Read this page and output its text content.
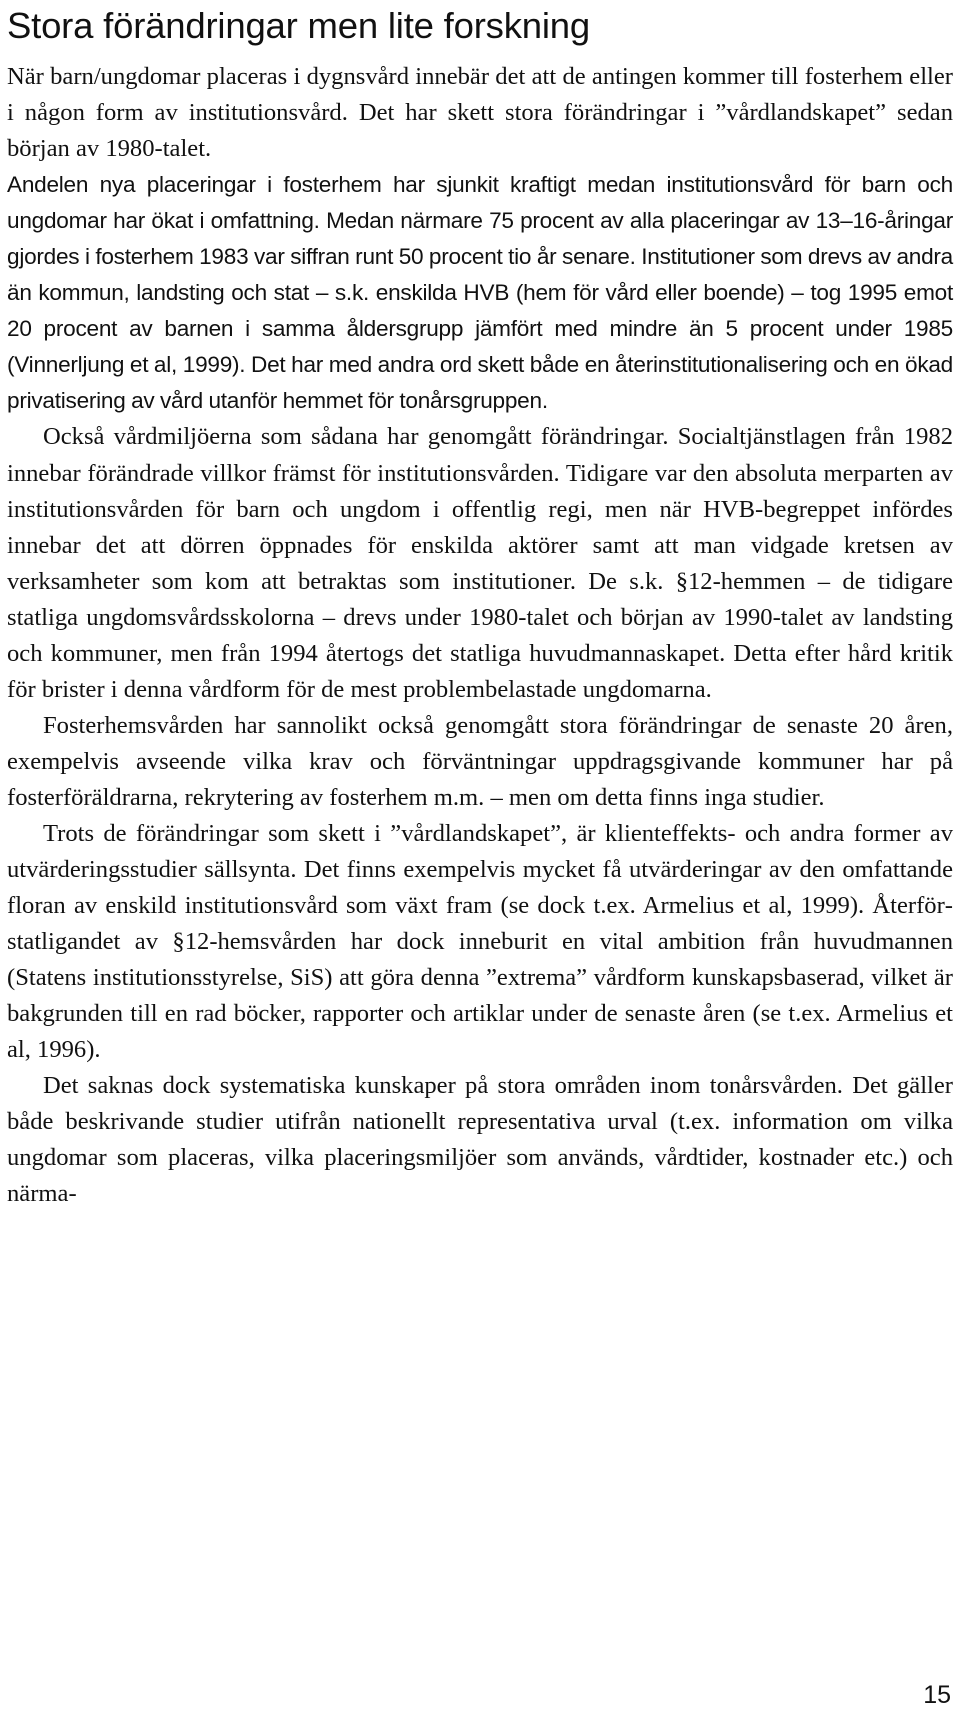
Stora förändringar men lite forskning

När barn/ungdomar placeras i dygnsvård innebär det att de antingen kommer till fosterhem eller i någon form av institutionsvård. Det har skett stora förändringar i ”vårdlandskapet” sedan början av 1980-talet.

Andelen nya placeringar i fosterhem har sjunkit kraftigt medan institutionsvård för barn och ungdomar har ökat i omfattning. Medan närmare 75 procent av alla placeringar av 13–16-åringar gjordes i fosterhem 1983 var siffran runt 50 procent tio år senare. Institutioner som drevs av andra än kommun, landsting och stat – s.k. enskilda HVB (hem för vård eller boende) – tog 1995 emot 20 procent av barnen i samma åldersgrupp jämfört med mindre än 5 procent under 1985 (Vinnerljung et al, 1999). Det har med andra ord skett både en återinstitutionalisering och en ökad privatisering av vård utanför hemmet för tonårsgruppen.

Också vårdmiljöerna som sådana har genomgått förändringar. Socialtjänstlagen från 1982 innebar förändrade villkor främst för institutionsvården. Tidigare var den absoluta merparten av institutionsvården för barn och ungdom i offentlig regi, men när HVB-begreppet infördes innebar det att dörren öppnades för enskilda aktörer samt att man vidgade kretsen av verksamheter som kom att betraktas som institutioner. De s.k. §12-hemmen – de tidigare statliga ungdomsvårdsskolorna – drevs under 1980-talet och början av 1990-talet av landsting och kommuner, men från 1994 återtogs det statliga huvudmannaskapet. Detta efter hård kritik för brister i denna vårdform för de mest problembelastade ungdomarna.

Fosterhemsvården har sannolikt också genomgått stora förändringar de senaste 20 åren, exempelvis avseende vilka krav och förväntningar uppdragsgivande kommuner har på fosterföräldrarna, rekrytering av fosterhem m.m. – men om detta finns inga studier.

Trots de förändringar som skett i ”vårdlandskapet”, är klienteffekts- och andra former av utvärderingsstudier sällsynta. Det finns exempelvis mycket få utvärderingar av den omfattande floran av enskild institutionsvård som växt fram (se dock t.ex. Armelius et al, 1999). Återförstatligandet av §12-hemsvården har dock inneburit en vital ambition från huvudmannen (Statens institutionsstyrelse, SiS) att göra denna ”extrema” vårdform kunskapsbaserad, vilket är bakgrunden till en rad böcker, rapporter och artiklar under de senaste åren (se t.ex. Armelius et al, 1996).

Det saknas dock systematiska kunskaper på stora områden inom tonårsvården. Det gäller både beskrivande studier utifrån nationellt representativa urval (t.ex. information om vilka ungdomar som placeras, vilka placeringsmiljöer som används, vårdtider, kostnader etc.) och närma-

15
